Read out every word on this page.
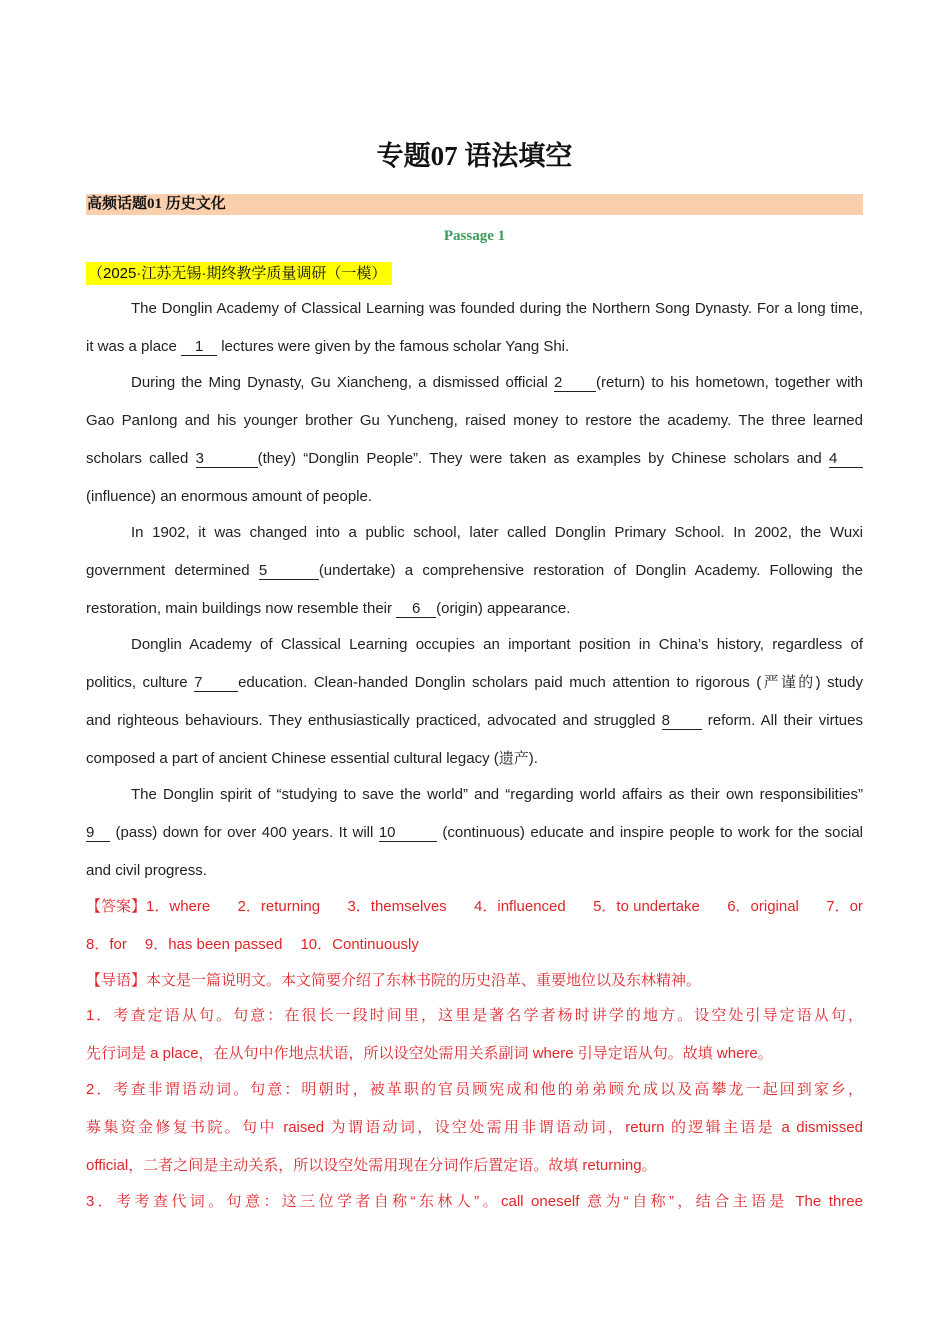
专题07 语法填空
高频话题01 历史文化
Passage 1
（2025·江苏无锡·期终教学质量调研（一模）
The Donglin Academy of Classical Learning was founded during the Northern Song Dynasty. For a long time,
it was a place 1 lectures were given by the famous scholar Yang Shi.
During the Ming Dynasty, Gu Xiancheng, a dismissed official 2 (return) to his hometown, together with
Gao PanIong and his younger brother Gu Yuncheng, raised money to restore the academy. The three learned
scholars called 3	(they) “Donglin People”. They were taken as examples by Chinese scholars and 4
(influence) an enormous amount of people.
In 1902, it was changed into a public school, later called Donglin Primary School. In 2002, the Wuxi
government determined 5	(undertake) a comprehensive restoration of Donglin Academy. Following the
restoration, main buildings now resemble their 6 (origin) appearance.
Donglin Academy of Classical Learning occupies an important position in China’s history, regardless of
politics, culture 7 education. Clean-handed Donglin scholars paid much attention to rigorous (严谨的) study
and righteous behaviours. They enthusiastically practiced, advocated and struggled 8 reform. All their virtues
composed a part of ancient Chinese essential cultural legacy (遗产).
The Donglin spirit of “studying to save the world” and “regarding world affairs as their own responsibilities”
9 (pass) down for over 400 years. It will 10	(continuous) educate and inspire people to work for the social
and civil progress.
【答案】1．where 2．returning 3．themselves 4．influenced 5．to undertake 6．original 7．or
8．for 9．has been passed 10．Continuously
【导语】本文是一篇说明文。本文简要介绍了东林书院的历史沿革、重要地位以及东林精神。
1．考查定语从句。句意：在很长一段时间里，这里是著名学者杨时讲学的地方。设空处引导定语从句，
先行词是 a place，在从句中作地点状语，所以设空处需用关系副词 where 引导定语从句。故填 where。
2．考查非谓语动词。句意：明朝时，被革职的官员顾宪成和他的弟弟顾允成以及高攀龙一起回到家乡，
募集资金修复书院。句中 raised 为谓语动词，设空处需用非谓语动词，return 的逻辑主语是 a dismissed
official，二者之间是主动关系，所以设空处需用现在分词作后置定语。故填 returning。
3．考考查代词。句意：这三位学者自称“东林人”。call oneself 意为“自称”，结合主语是 The three
